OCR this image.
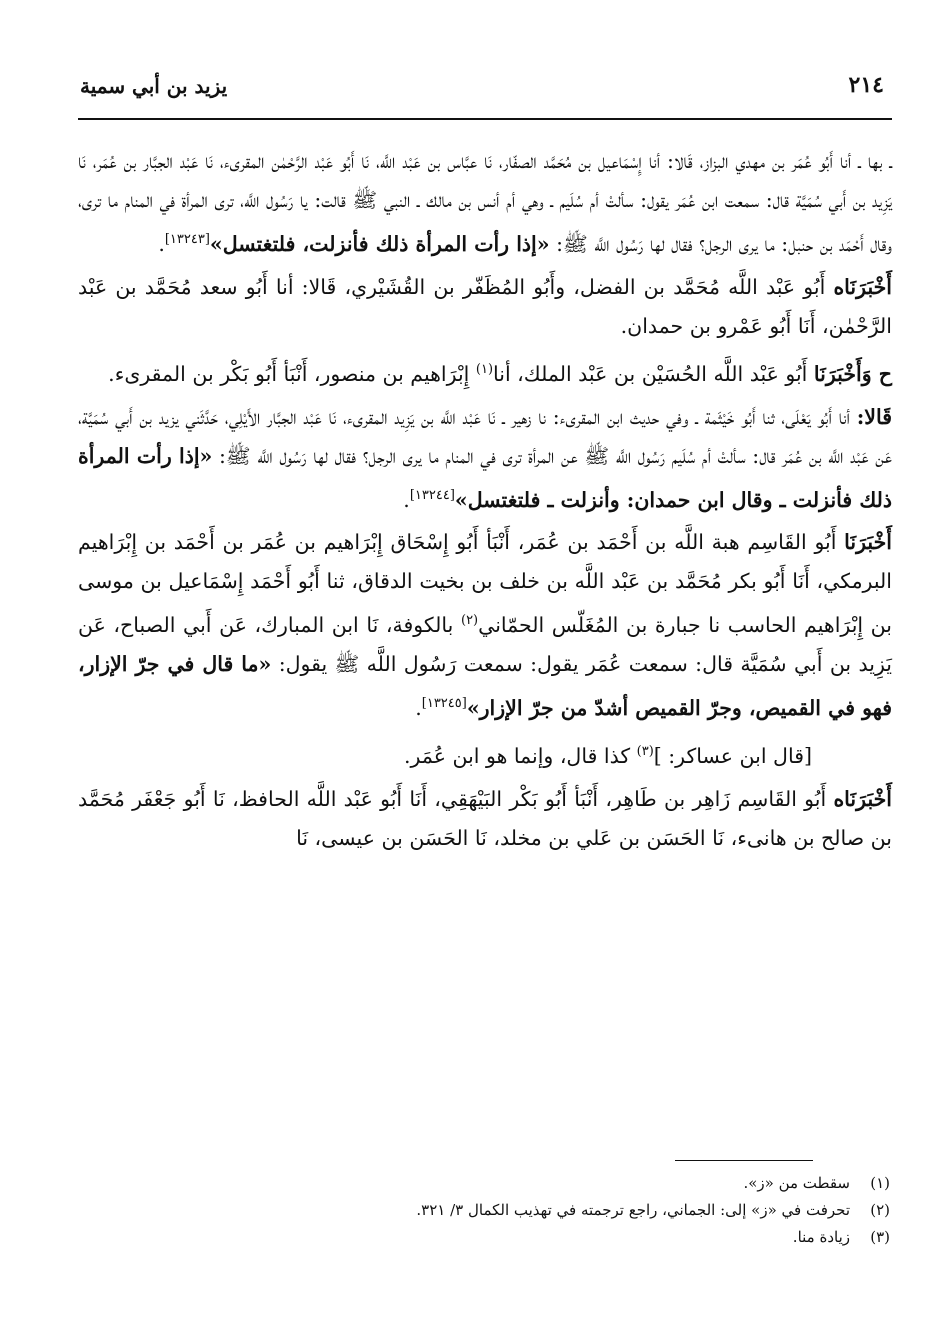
٢١٤
يزيد بن أبي سمية

ـ بها ـ أنا أَبُو عُمَر بن مهدي البزاز، قَالا: أنا إِسْمَاعيل بن مُحَمَّد الصفّار، نَا عبَّاس بن عَبْد اللَّه، نَا أَبُو عَبْد الرَّحْمٰن المقرىء، نَا عَبْد الجبَّار بن عُمَر، نَا يَزِيد بن أَبي سُمَيَّة قال: سمعت ابن عُمَر يقول: سألتْ أم سُلَيم ـ وهي أم أنس بن مالك ـ النبي ﷺ قالت: يا رَسُول اللَّه، ترى المرأة في المنام ما ترى، وقال أَحْمَد بن حنبل: ما يرى الرجل؟ فقال لها رَسُول اللَّه ﷺ: «إذا رأت المرأة ذلك فأنزلت، فلتغتسل»[١٣٢٤٣].

أَخْبَرَنَاه أَبُو عَبْد اللَّه مُحَمَّد بن الفضل، وأَبُو المُظَفّر بن القُشَيْري، قَالا: أنا أَبُو سعد مُحَمَّد بن عَبْد الرَّحْمٰن، أَنَا أَبُو عَمْرو بن حمدان.

ح وَأَخْبَرَنَا أَبُو عَبْد اللَّه الحُسَيْن بن عَبْد الملك، أنا$^{(١)}$ إِبْرَاهيم بن منصور، أَنْبَأ أَبُو بَكْر بن المقرىء.

قَالا: أنا أَبُو يَعْلَى، ثنا أَبُو خَيْثَمة ـ وفي حديث ابن المقرىء: نا زهير ـ نَا عَبْد اللَّه بن يَزِيد المقرىء، نَا عَبْد الجبَّار الأَيْلِي، حَدَّثَني يزيد بن أَبي سُمَيَّة، عَن عَبْد اللَّه بن عُمَر قال: سألتْ أم سُلَيم رَسُول اللَّه ﷺ عن المرأة ترى في المنام ما يرى الرجل؟ فقال لها رَسُول اللَّه ﷺ: «إذا رأت المرأة ذلك فأنزلت ـ وقال ابن حمدان: وأنزلت ـ فلتغتسل»[١٣٢٤٤].

أَخْبَرَنَا أَبُو القَاسِم هبة اللَّه بن أَحْمَد بن عُمَر، أَنْبَأ أَبُو إِسْحَاق إِبْرَاهيم بن عُمَر بن أَحْمَد بن إِبْرَاهيم البرمكي، أَنَا أَبُو بكر مُحَمَّد بن عَبْد اللَّه بن خلف بن بخيت الدقاق، ثنا أَبُو أَحْمَد إِسْمَاعيل بن موسى بن إِبْرَاهيم الحاسب نا جبارة بن المُغَلّس الحمّاني$^{(٢)}$ بالكوفة، نَا ابن المبارك، عَن أَبي الصباح، عَن يَزِيد بن أَبي سُمَيَّة قال: سمعت عُمَر يقول: سمعت رَسُول اللَّه ﷺ يقول: «ما قال في جرّ الإزار، فهو في القميص، وجرّ القميص أشدّ من جرّ الإزار»[١٣٢٤٥].

[قال ابن عساكر: ]$^{(٣)}$ كذا قال، وإنما هو ابن عُمَر.

أَخْبَرَنَاه أَبُو القَاسِم زَاهِر بن طَاهِر، أَنْبَأ أَبُو بَكْر البَيْهَقِي، أَنَا أَبُو عَبْد اللَّه الحافظ، نَا أَبُو جَعْفَر مُحَمَّد بن صالح بن هانىء، نَا الحَسَن بن عَلي بن مخلد، نَا الحَسَن بن عيسى، نَا

(١)سقطت من «ز».

(٢)تحرفت في «ز» إلى: الجماني، راجع ترجمته في تهذيب الكمال ٣/ ٣٢١.

(٣)زيادة منا.
